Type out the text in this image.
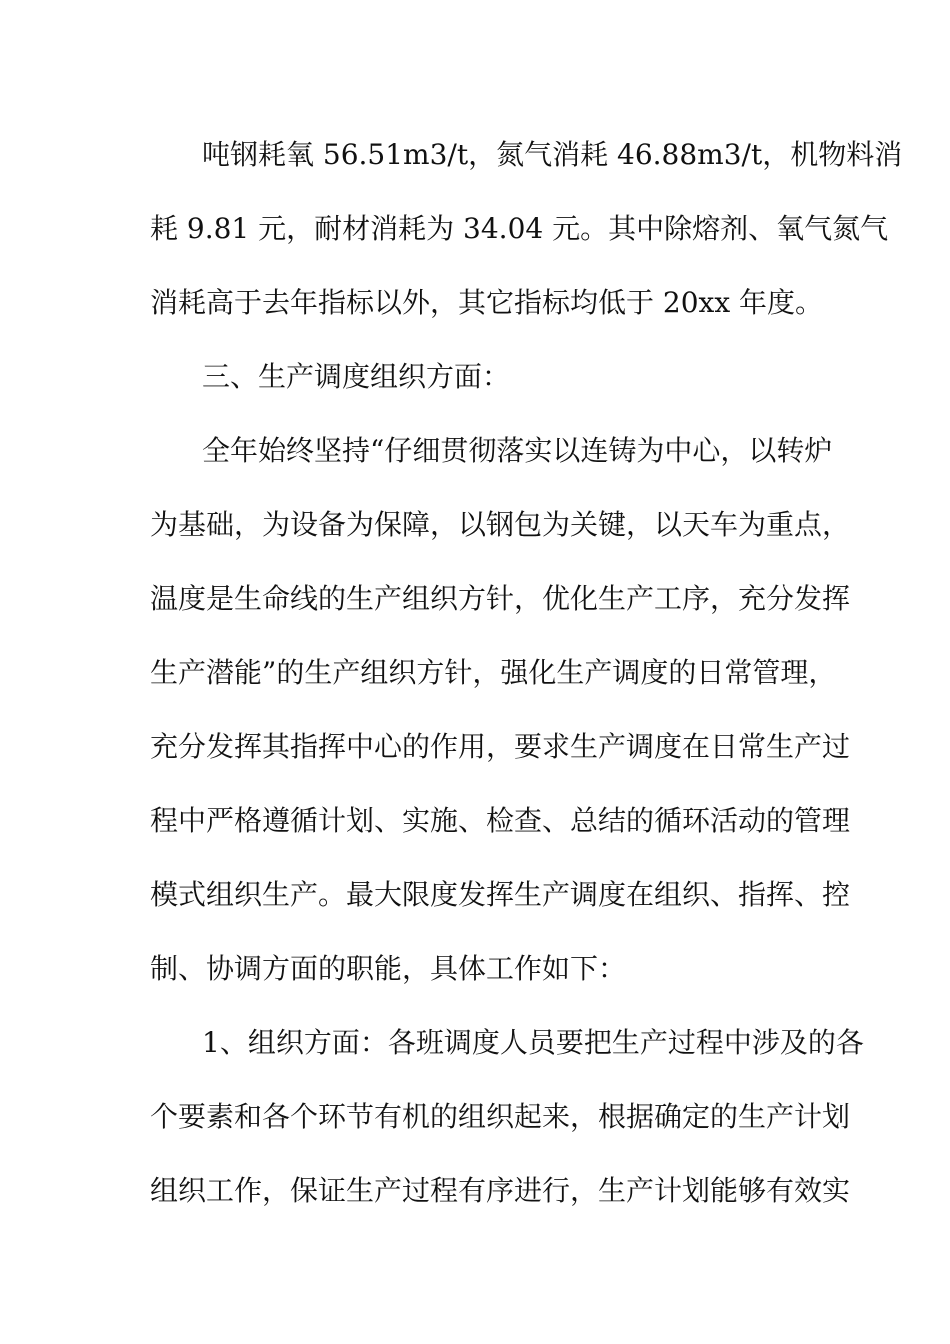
吨钢耗氧 56.51m3/t，氮气消耗 46.88m3/t，机物料消
耗 9.81 元，耐材消耗为 34.04 元。其中除熔剂、氧气氮气
消耗高于去年指标以外，其它指标均低于 20xx 年度。
三、生产调度组织方面：
全年始终坚持“仔细贯彻落实以连铸为中心，以转炉
为基础，为设备为保障，以钢包为关键，以天车为重点，
温度是生命线的生产组织方针，优化生产工序，充分发挥
生产潜能”的生产组织方针，强化生产调度的日常管理，
充分发挥其指挥中心的作用，要求生产调度在日常生产过
程中严格遵循计划、实施、检查、总结的循环活动的管理
模式组织生产。最大限度发挥生产调度在组织、指挥、控
制、协调方面的职能，具体工作如下：
1、组织方面：各班调度人员要把生产过程中涉及的各
个要素和各个环节有机的组织起来，根据确定的生产计划
组织工作，保证生产过程有序进行，生产计划能够有效实
